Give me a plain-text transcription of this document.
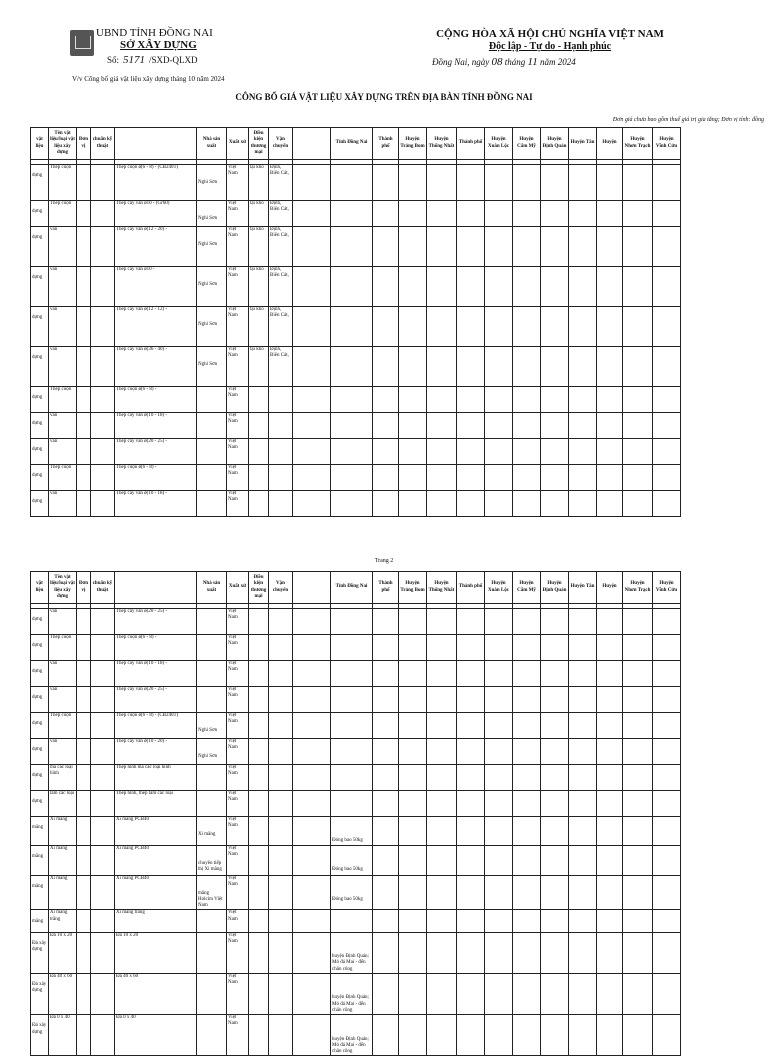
UBND TỈNH ĐỒNG NAI
SỞ XÂY DỰNG
Số: 5171 /SXD-QLXD
CỘNG HÒA XÃ HỘI CHỦ NGHĨA VIỆT NAM
Độc lập - Tự do - Hạnh phúc
Đồng Nai, ngày 08 tháng 11 năm 2024
V/v Công bố giá vật liệu xây dựng tháng 10 năm 2024
CÔNG BỐ GIÁ VẬT LIỆU XÂY DỰNG TRÊN ĐỊA BÀN TỈNH ĐỒNG NAI
Đơn giá chưa bao gồm thuế giá trị gia tăng; Đơn vị tính: đồng
vật liệu	Tên vật liệu/loại vật liệu xây dựng	Đơn vị	chuẩn kỹ thuật		Nhà sản xuất	Xuất xứ	Điều kiện thương mại	Vận chuyển		Tỉnh Đồng Nai	Thành phố	Huyện Trảng Bom	Huyện Thống Nhất	Thành phố	Huyện Xuân Lộc	Huyện Cẩm Mỹ	Huyện Định Quán	Huyện Tân	Huyện	Huyện Nhơn Trạch	Huyện Vĩnh Cửu

dựng	Thép cuộn			Thép cuộn ø(6 - 8) - (CB240T)	Nghi Sơn	Việt Nam	tại kho	Định, Biên Cát,		

dựng	Thép cuộn			Thép cây vằn ø10 - (Gr60)	Nghi Sơn	Việt Nam	tại kho	Định, Biên Cát,		

dựng	vằn			Thép cây vằn ø(12 - 20) -	Nghi Sơn	Việt Nam	tại kho	Định, Biên Cát,		

dựng	vằn			Thép cây vằn ø10 -	Nghi Sơn	Việt Nam	tại kho	Định, Biên Cát,		

dựng	vằn			Thép cây vằn ø(12 - 12) -	Nghi Sơn	Việt Nam	tại kho	Định, Biên Cát,		

dựng	vằn			Thép cây vằn ø(36 - 40) -	Nghi Sơn	Việt Nam	tại kho	Định, Biên Cát,		

dựng	Thép cuộn			Thép cuộn ø(6 - 8) -		Việt Nam				

dựng	vằn			Thép cây vằn ø(10 - 18) -		Việt Nam				

dựng	vằn			Thép cây vằn ø(20 - 25) -		Việt Nam				

dựng	Thép cuộn			Thép cuộn ø(6 - 8) -		Việt Nam				

dựng	vằn			Thép cây vằn ø(10 - 18) -		Việt Nam				

Trang 2
vật liệu	Tên vật liệu/loại vật liệu xây dựng	Đơn vị	chuẩn kỹ thuật		Nhà sản xuất	Xuất xứ	Điều kiện thương mại	Vận chuyển		Tỉnh Đồng Nai	Thành phố	Huyện Trảng Bom	Huyện Thống Nhất	Thành phố	Huyện Xuân Lộc	Huyện Cẩm Mỹ	Huyện Định Quán	Huyện Tân	Huyện	Huyện Nhơn Trạch	Huyện Vĩnh Cửu

dựng	vằn			Thép cây vằn ø(20 - 25) -		Việt Nam				

dựng	Thép cuộn			Thép cuộn ø(6 - 8) -		Việt Nam				

dựng	vằn			Thép cây vằn ø(10 - 18) -		Việt Nam				

dựng	vằn			Thép cây vằn ø(20 - 25) -		Việt Nam				

dựng	Thép cuộn			Thép cuộn ø(6 - 8) - (CB240T)	Nghi Sơn	Việt Nam				

dựng	vằn			Thép cây vằn ø(10 - 20) -	Nghi Sơn	Việt Nam				

dựng	ma các loại hình			Thép hình ma các loại hình		Việt Nam				

dựng	tấm các loại			Thép hình, thép tấm các loại		Việt Nam				

măng	Xi măng			Xi măng PCB40	Xi măng	Việt Nam				Đóng bao 50kg											

măng	Xi măng			Xi măng PCB40	chuyên tiếp thị Xi măng	Việt Nam				Đóng bao 50kg											

măng	Xi măng			Xi măng PCB40	măng Holcim Việt Nam	Việt Nam				Đóng bao 50kg											

măng	Xi măng trắng			Xi măng trắng		Việt Nam				

Đá xây dựng	Đá 10 x 20			Đá 10 x 20		Việt Nam				huyện Định Quán; Mỏ đá Mai - đến chân công											

Đá xây dựng	Đá 40 x 60			Đá 40 x 60		Việt Nam				huyện Định Quán; Mỏ đá Mai - đến chân công											

Đá xây dựng	Đá 0 x 40			Đá 0 x 40		Việt Nam				huyện Định Quán; Mỏ đá Mai - đến chân công											
